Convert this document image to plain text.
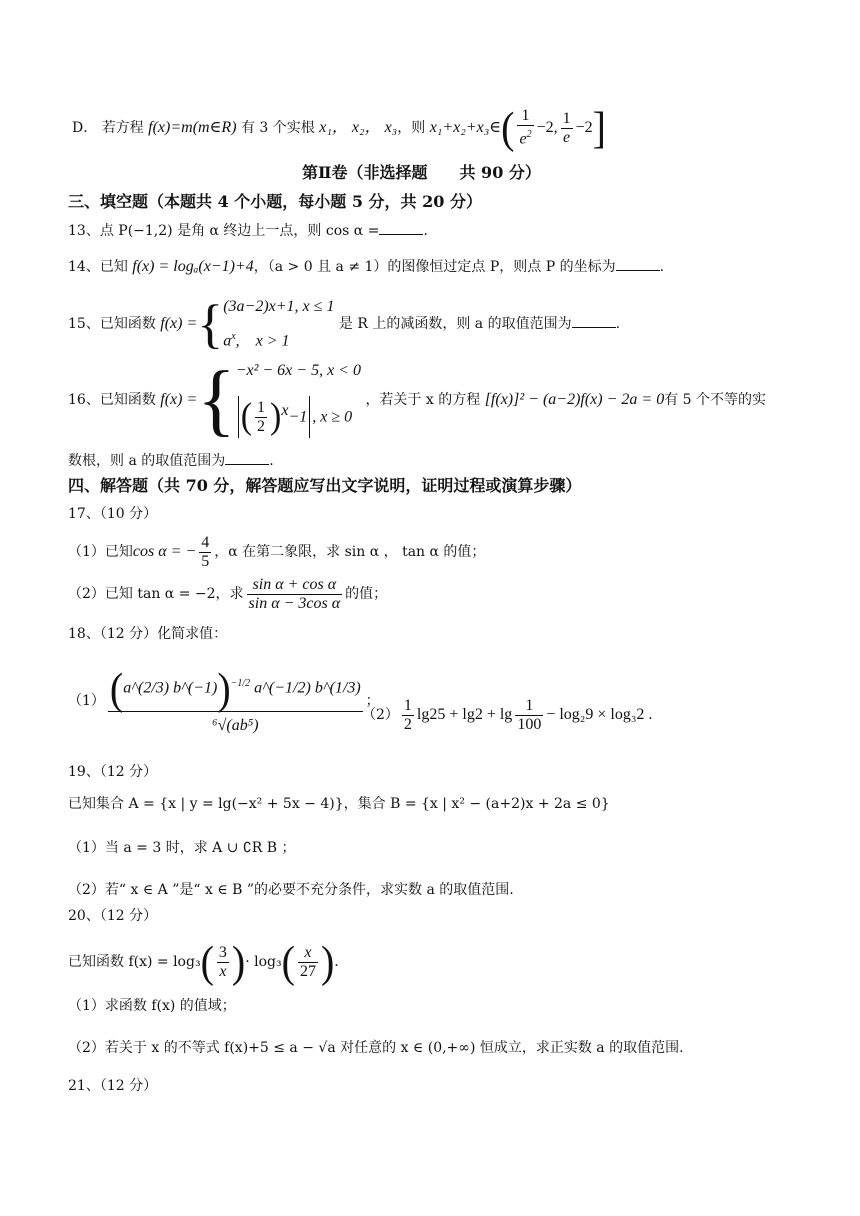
D． 若方程 f(x)=m(m∈R) 有 3 个实根 x₁， x₂， x₃，则 x₁+x₂+x₃∈( $\frac{1}{e^2} -2$, $\frac{1}{e} -2$]
第Ⅱ卷（非选择题　　共 90 分）
三、填空题（本题共 4 个小题，每小题 5 分，共 20 分）
13、点 P(−1,2) 是角 α 终边上一点，则 cos α =	.
14、已知 f(x) = logₐ(x−1)+4，（a > 0 且 a ≠ 1）的图像恒过定点 P，则点 P 的坐标为	.
15、已知函数 f(x) ={ (3a−2)x+1, x ≤ 1
$a^x$,　x > 1
是 R 上的减函数，则 a 的取值范围为	.
16、已知函数 f(x) ={ −x² − 6x − 5, x < 0
( $\frac{1}{2} )^x-1$ , x ≥ 0
，若关于 x 的方程 [f(x)]² − (a−2)f(x) − 2a = 0有 5 个不等的实
数根，则 a 的取值范围为	.
四、解答题（共 70 分，解答题应写出文字说明，证明过程或演算步骤）
17、（10 分）
（1）已知cos α = − $\frac{4}{5}$ ，α 在第二象限，求 sin α ， tan α 的值；
（2）已知 tan α = −2，求 $\frac{\text{sin α + cos α}}{\text{sin α − 3cos α}}$ 的值；
18、（12 分）化简求值：
$(1) \frac{(a\^{}(2/3) b\^{}(-1))^{-1/2} a\^{}(-1/2) b\^{}(1/3)}{\text{⁶√(ab⁵)}}$ ；
$(2) \frac{1}{2} \lg 25 + \lg 2 + \lg \frac{1}{100} - \log_29 \times \log_32$ .
19、（12 分）
已知集合 A = {x | y = lg(−x² + 5x − 4)}，集合 B = {x | x² − (a+2)x + 2a ≤ 0}
（1）当 a = 3 时，求 A ∪ ∁R B ；
（2）若“ x ∈ A ”是“ x ∈ B ”的必要不充分条件，求实数 a 的取值范围.
20、（12 分）
已知函数 $f(x) = \log_3( \frac{3}{x}$ )· $\log_3( \frac{x}{27}$ ).
（1）求函数 f(x) 的值域；
（2）若关于 x 的不等式 f(x)+5 ≤ a − √a 对任意的 x ∈ (0,+∞) 恒成立，求正实数 a 的取值范围.
21、（12 分）
